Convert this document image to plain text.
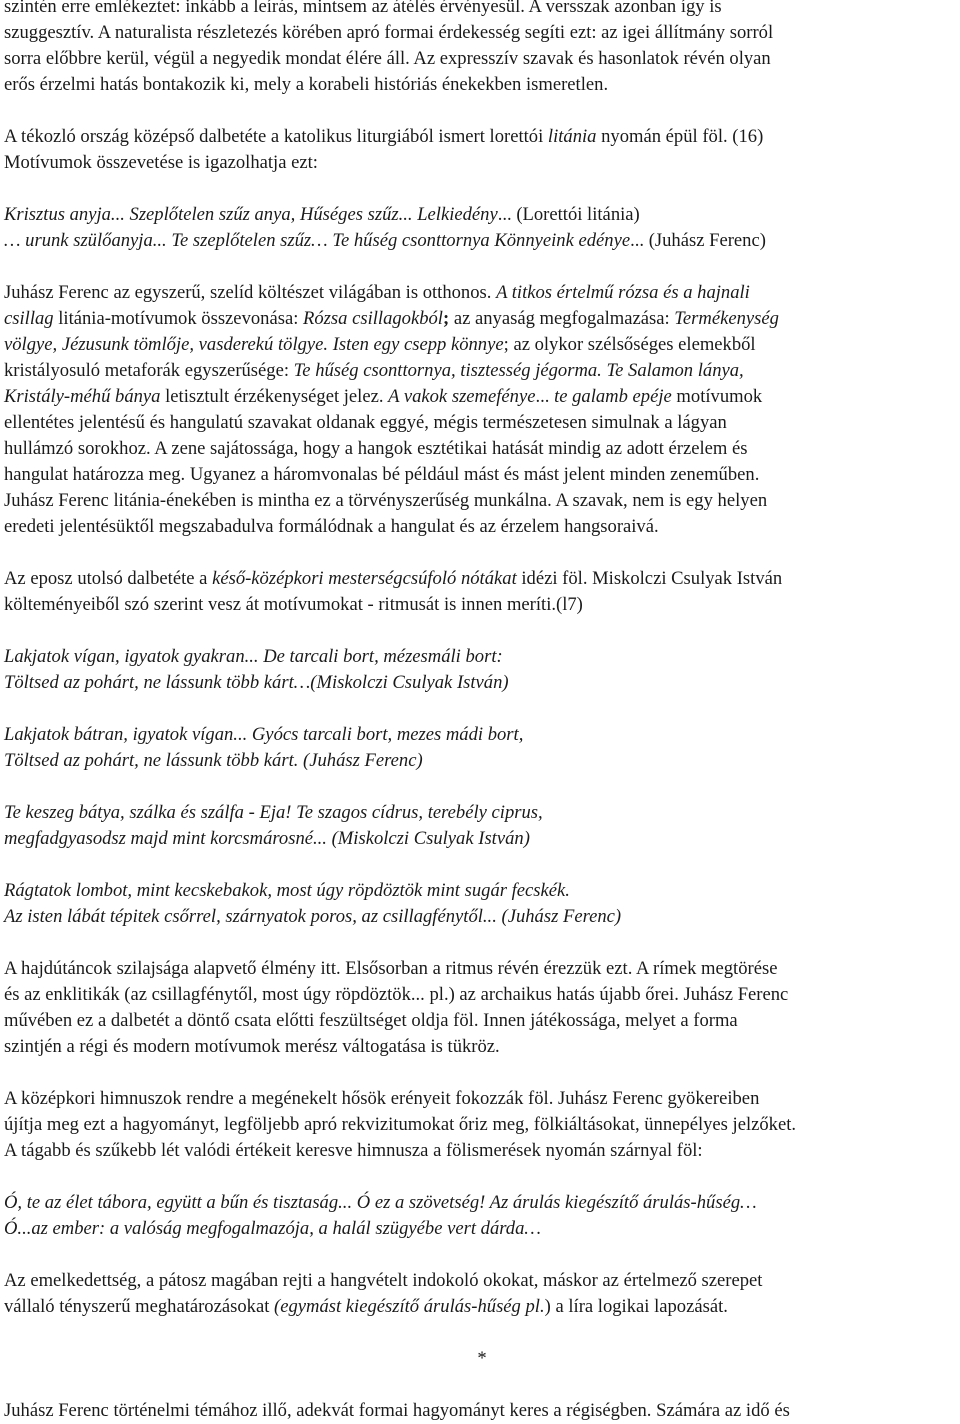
szintén erre emlékeztet: inkább a leírás, mintsem az átélés érvényesül. A versszak azonban így is
szuggesztív. A naturalista részletezés körében apró formai érdekesség segíti ezt: az igei állítmány sorról
sorra előbbre kerül, végül a negyedik mondat élére áll. Az expresszív szavak és hasonlatok révén olyan
erős érzelmi hatás bontakozik ki, mely a korabeli históriás énekekben ismeretlen.
A tékozló ország középső dalbetéte a katolikus liturgiából ismert lorettói litánia nyomán épül föl. (16)
Motívumok összevetése is igazolhatja ezt:
Krisztus anyja... Szeplőtelen szűz anya, Hűséges szűz... Lelkiedény... (Lorettói litánia)
… urunk szülőanyja... Te szeplőtelen szűz… Te hűség csonttornya Könnyeink edénye... (Juhász Ferenc)
Juhász Ferenc az egyszerű, szelíd költészet világában is otthonos. A titkos értelmű rózsa és a hajnali
csillag litánia-motívumok összevonása: Rózsa csillagokból; az anyaság megfogalmazása: Termékenység
völgye, Jézusunk tömlője, vasderekú tölgye. Isten egy csepp könnye; az olykor szélsőséges elemekből
kristályosuló metaforák egyszerűsége: Te hűség csonttornya, tisztesség jégorma. Te Salamon lánya,
Kristály-méhű bánya letisztult érzékenységet jelez. A vakok szemefénye... te galamb epéje motívumok
ellentétes jelentésű és hangulatú szavakat oldanak eggyé, mégis természetesen simulnak a lágyan
hullámzó sorokhoz. A zene sajátossága, hogy a hangok esztétikai hatását mindig az adott érzelem és
hangulat határozza meg. Ugyanez a háromvonalas bé például mást és mást jelent minden zeneműben.
Juhász Ferenc litánia-énekében is mintha ez a törvényszerűség munkálna. A szavak, nem is egy helyen
eredeti jelentésüktől megszabadulva formálódnak a hangulat és az érzelem hangsoraivá.
Az eposz utolsó dalbetéte a késő-középkori mesterségcsúfoló nótákat idézi föl. Miskolczi Csulyak István
költeményeiből szó szerint vesz át motívumokat - ritmusát is innen meríti.(l7)
Lakjatok vígan, igyatok gyakran... De tarcali bort, mézesmáli bort:
Töltsed az pohárt, ne lássunk több kárt…(Miskolczi Csulyak István)
Lakjatok bátran, igyatok vígan... Gyócs tarcali bort, mezes mádi bort,
Töltsed az pohárt, ne lássunk több kárt. (Juhász Ferenc)
Te keszeg bátya, szálka és szálfa - Eja! Te szagos cídrus, terebély ciprus,
megfadgyasodsz majd mint korcsmárosné... (Miskolczi Csulyak István)
Rágtatok lombot, mint kecskebakok, most úgy röpdöztök mint sugár fecskék.
Az isten lábát tépitek csőrrel, szárnyatok poros, az csillagfénytől... (Juhász Ferenc)
A hajdútáncok szilajsága alapvető élmény itt. Elsősorban a ritmus révén érezzük ezt. A rímek megtörése
és az enklitikák (az csillagfénytől, most úgy röpdöztök... pl.) az archaikus hatás újabb őrei. Juhász Ferenc
művében ez a dalbetét a döntő csata előtti feszültséget oldja föl. Innen játékossága, melyet a forma
szintjén a régi és modern motívumok merész váltogatása is tükröz.
A középkori himnuszok rendre a megénekelt hősök erényeit fokozzák föl. Juhász Ferenc gyökereiben
újítja meg ezt a hagyományt, legföljebb apró rekvizitumokat őriz meg, fölkiáltásokat, ünnepélyes jelzőket.
A tágabb és szűkebb lét valódi értékeit keresve himnusza a fölismerések nyomán szárnyal föl:
Ó, te az élet tábora, együtt a bűn és tisztaság... Ó ez a szövetség! Az árulás kiegészítő árulás-hűség…
Ó...az ember: a valóság megfogalmazója, a halál szügyébe vert dárda…
Az emelkedettség, a pátosz magában rejti a hangvételt indokoló okokat, máskor az értelmező szerepet
vállaló tényszerű meghatározásokat (egymást kiegészítő árulás-hűség pl.) a líra logikai lapozását.
*
Juhász Ferenc történelmi témához illő, adekvát formai hagyományt keres a régiségben. Számára az idő és
